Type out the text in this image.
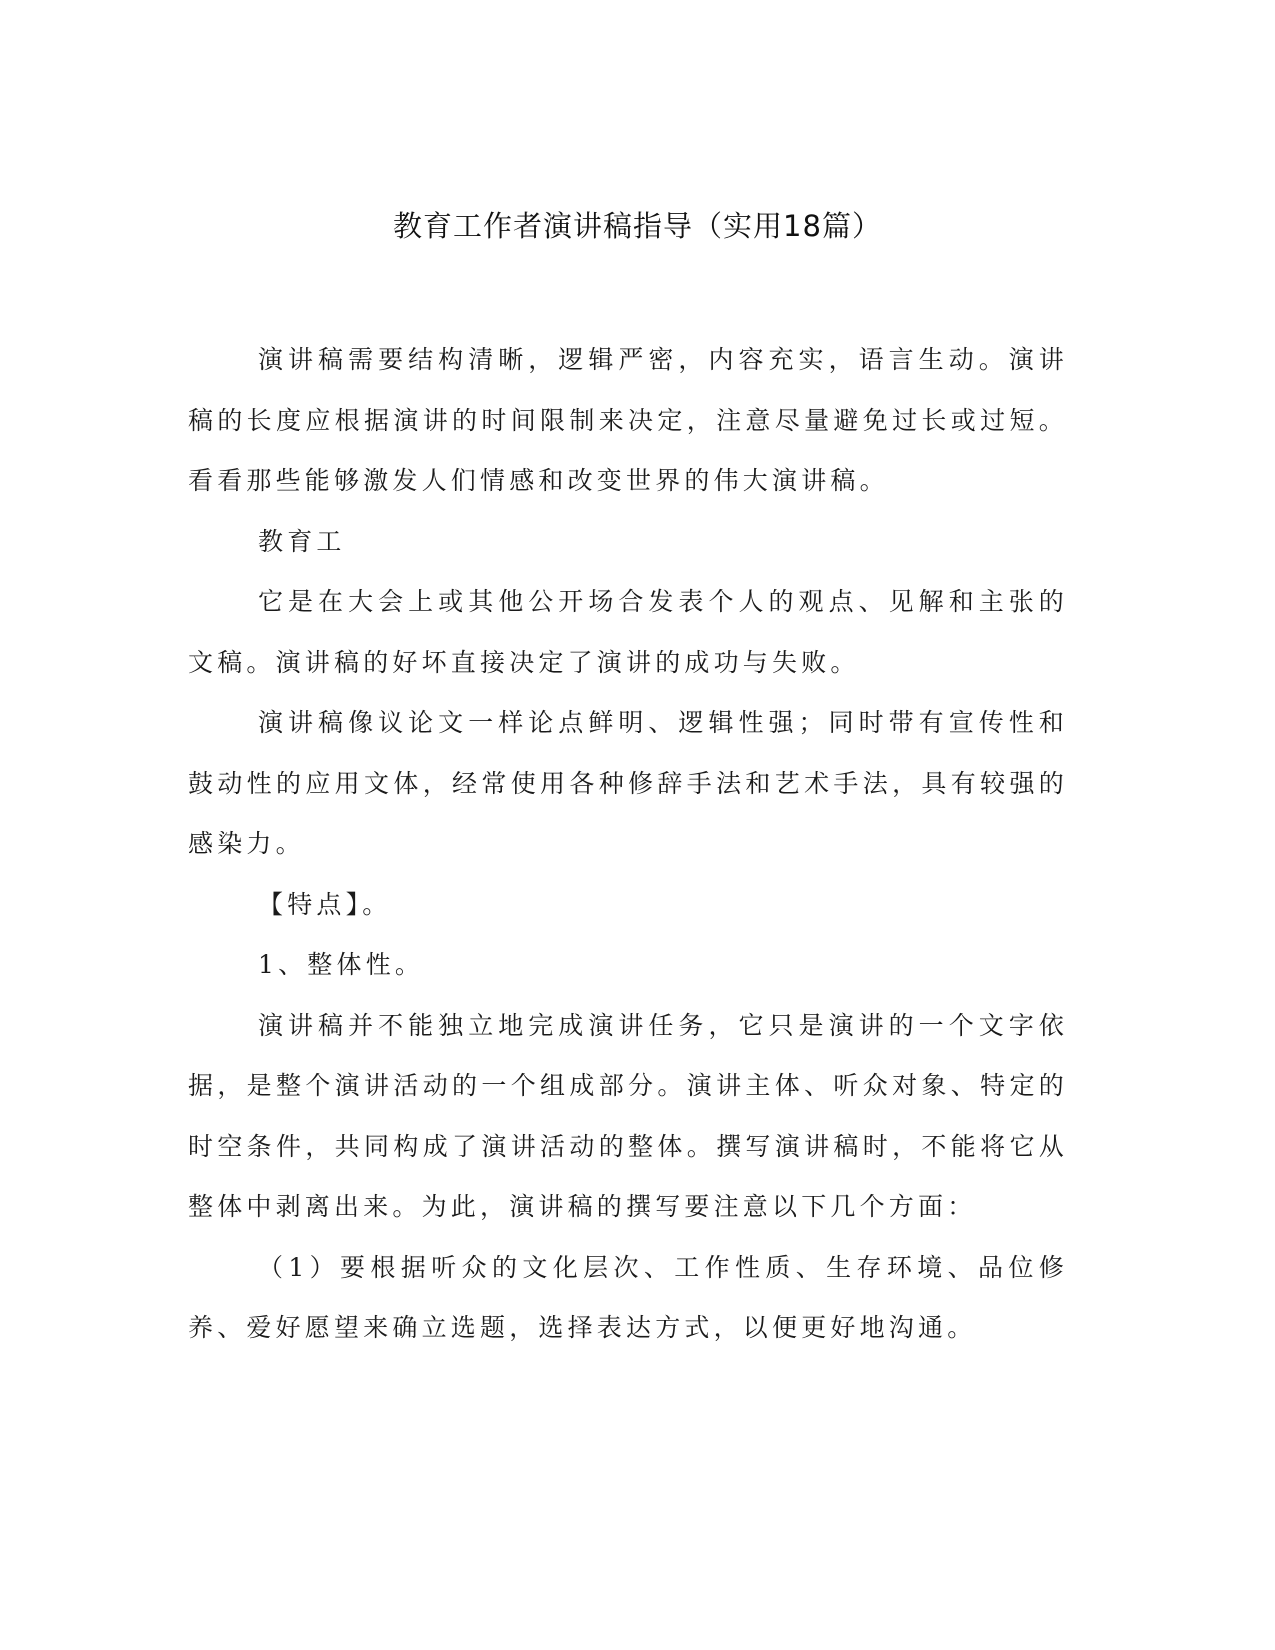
教育工作者演讲稿指导（实用18篇）

演讲稿需要结构清晰，逻辑严密，内容充实，语言生动。演讲稿的长度应根据演讲的时间限制来决定，注意尽量避免过长或过短。看看那些能够激发人们情感和改变世界的伟大演讲稿。

教育工

它是在大会上或其他公开场合发表个人的观点、见解和主张的文稿。演讲稿的好坏直接决定了演讲的成功与失败。

演讲稿像议论文一样论点鲜明、逻辑性强；同时带有宣传性和鼓动性的应用文体，经常使用各种修辞手法和艺术手法，具有较强的感染力。

【特点】。

1、整体性。

演讲稿并不能独立地完成演讲任务，它只是演讲的一个文字依据，是整个演讲活动的一个组成部分。演讲主体、听众对象、特定的时空条件，共同构成了演讲活动的整体。撰写演讲稿时，不能将它从整体中剥离出来。为此，演讲稿的撰写要注意以下几个方面：

（1）要根据听众的文化层次、工作性质、生存环境、品位修养、爱好愿望来确立选题，选择表达方式，以便更好地沟通。
